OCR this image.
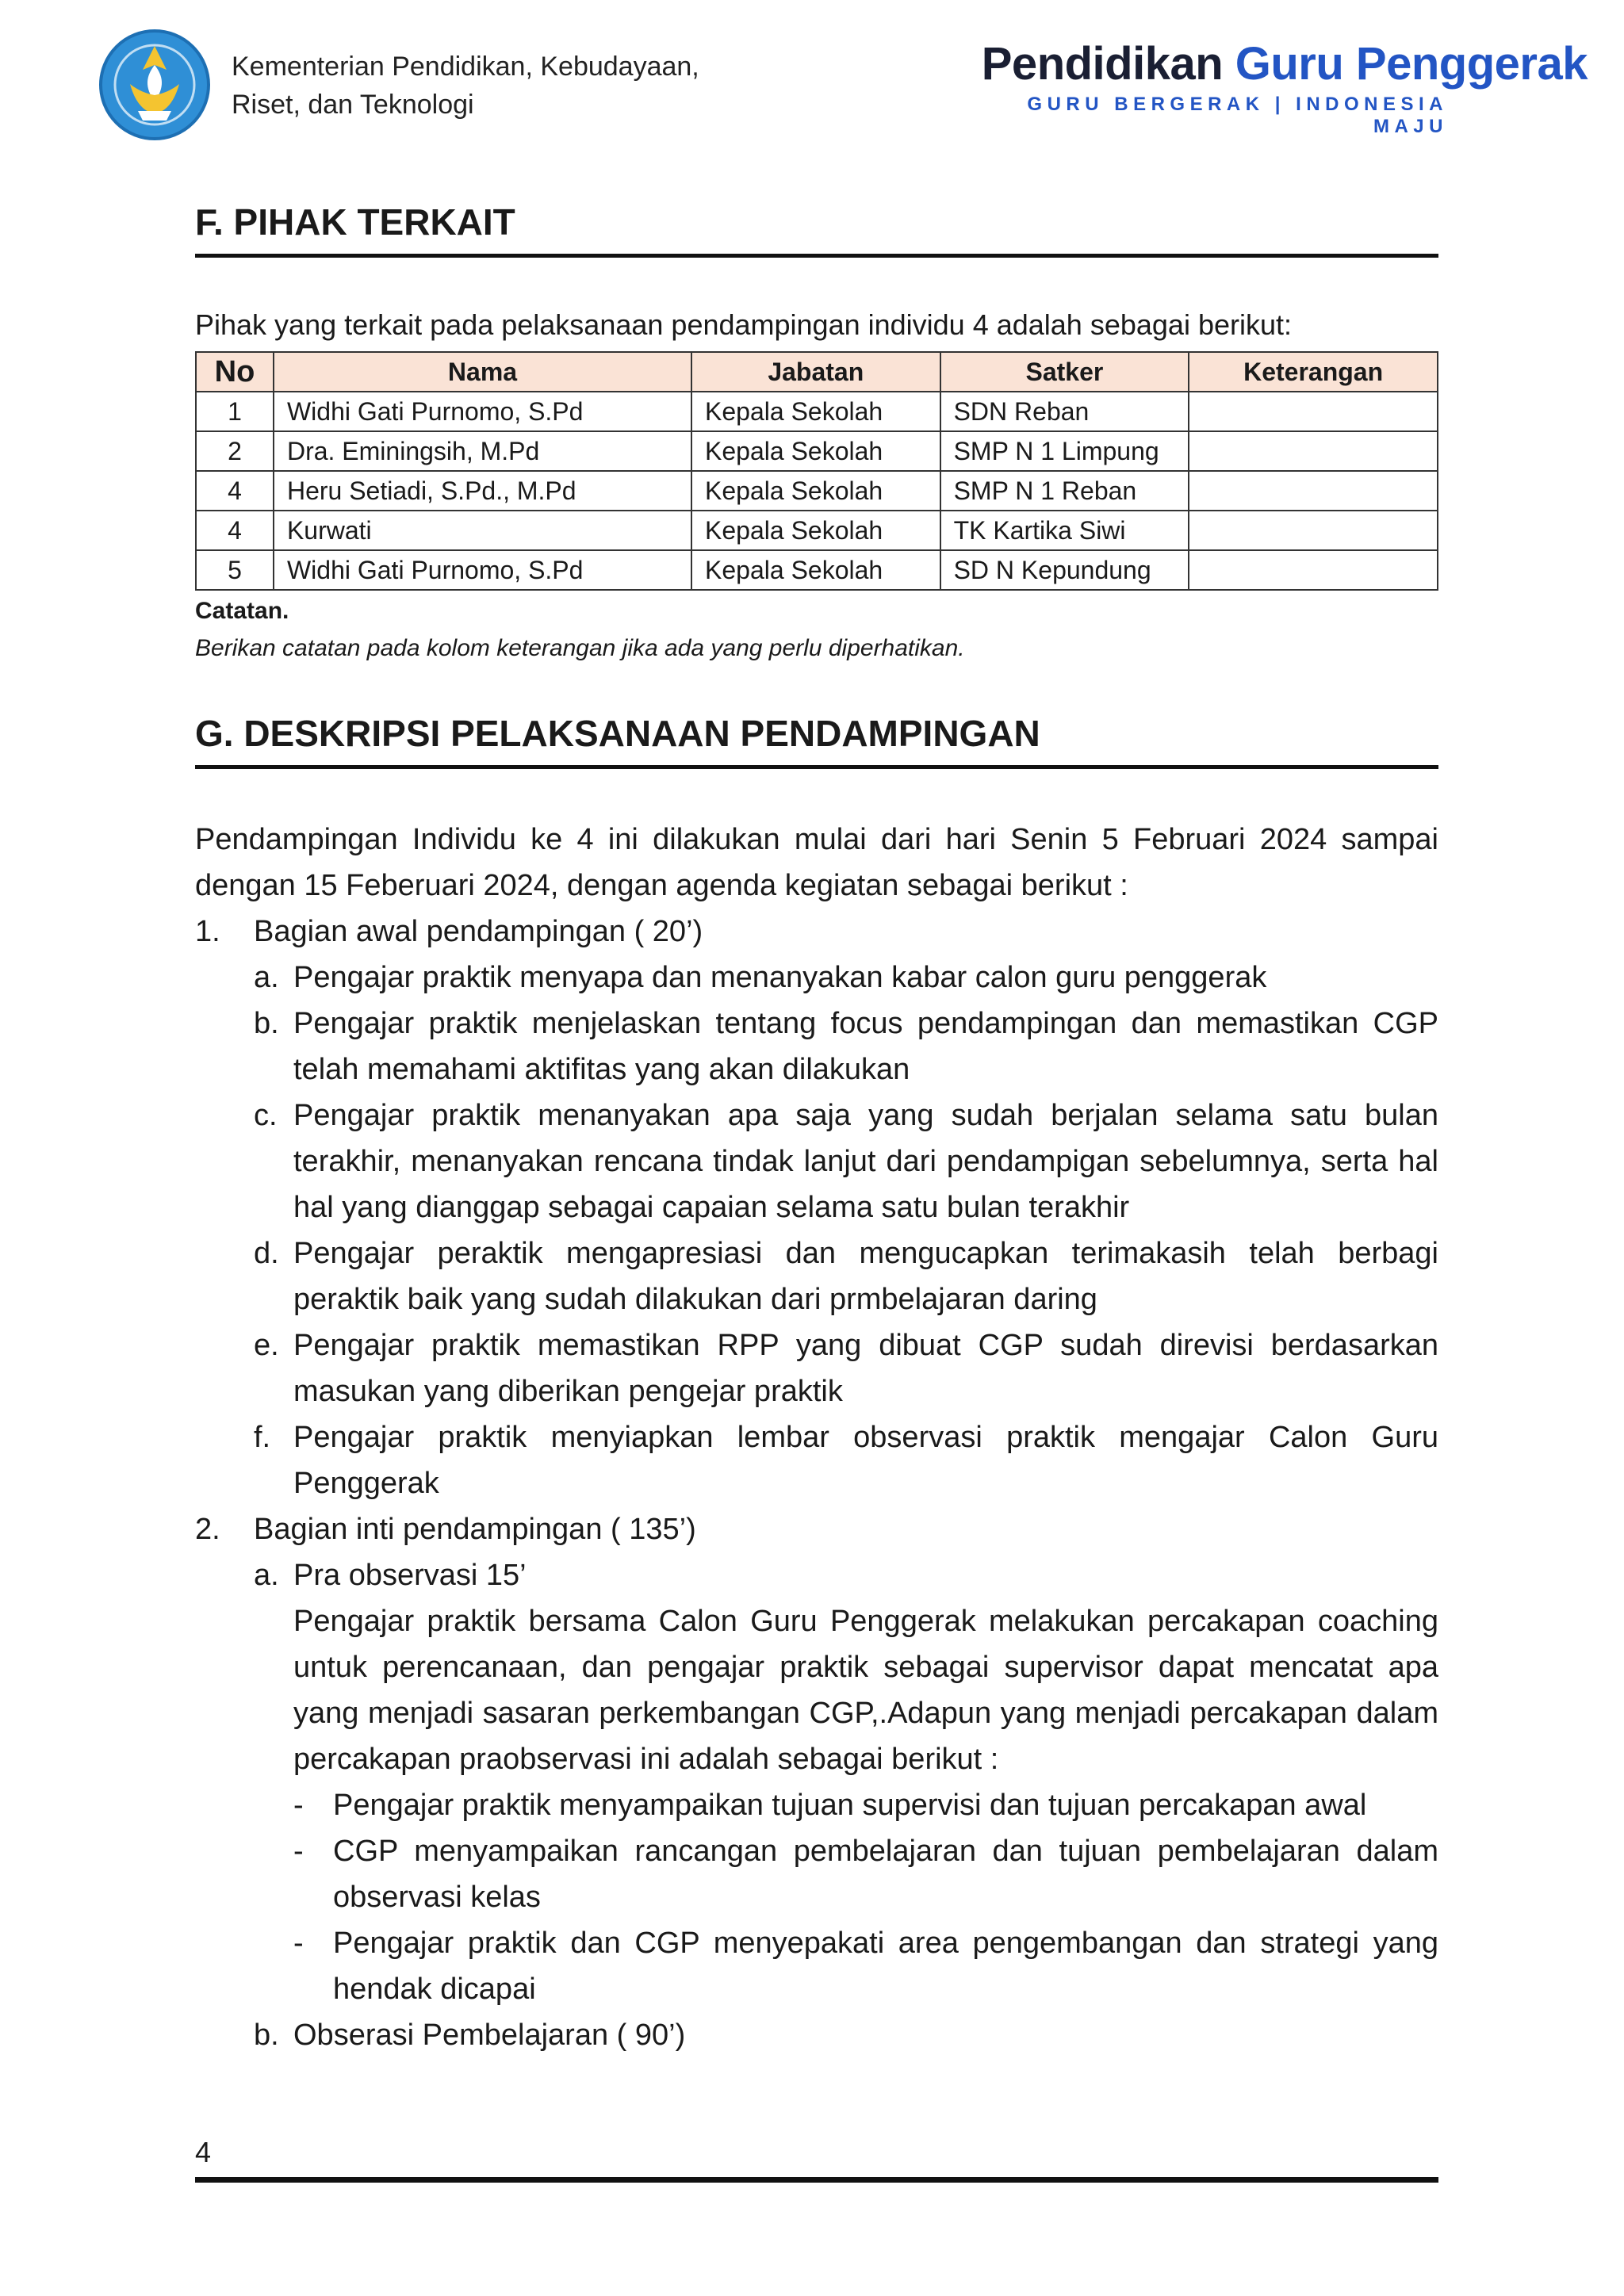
Kementerian Pendidikan, Kebudayaan,
Riset, dan Teknologi
Pendidikan Guru Penggerak
GURU BERGERAK | INDONESIA MAJU
F. PIHAK TERKAIT
Pihak yang terkait pada pelaksanaan pendampingan individu 4 adalah sebagai berikut:
No	Nama	Jabatan	Satker	Keterangan
1	Widhi Gati Purnomo, S.Pd	Kepala Sekolah	SDN Reban	
2	Dra. Eminingsih, M.Pd	Kepala Sekolah	SMP N 1 Limpung	
4	Heru Setiadi, S.Pd., M.Pd	Kepala Sekolah	SMP N 1 Reban	
4	Kurwati	Kepala Sekolah	TK Kartika Siwi	
5	Widhi Gati Purnomo, S.Pd	Kepala Sekolah	SD N Kepundung	
Catatan.
Berikan catatan pada kolom keterangan jika ada yang perlu diperhatikan.
G. DESKRIPSI PELAKSANAAN PENDAMPINGAN
Pendampingan Individu ke 4 ini dilakukan mulai dari hari Senin 5 Februari 2024 sampai dengan 15 Feberuari 2024, dengan agenda kegiatan sebagai berikut :
1.	Bagian awal pendampingan ( 20’)
a. Pengajar praktik menyapa dan menanyakan kabar calon guru penggerak
b. Pengajar praktik menjelaskan tentang focus pendampingan dan memastikan CGP telah memahami aktifitas yang akan dilakukan
c. Pengajar praktik menanyakan apa saja yang sudah berjalan selama satu bulan terakhir, menanyakan rencana tindak lanjut dari pendampigan sebelumnya, serta hal hal yang dianggap sebagai capaian selama satu bulan terakhir
d. Pengajar peraktik mengapresiasi dan mengucapkan terimakasih telah berbagi peraktik baik yang sudah dilakukan dari prmbelajaran daring
e. Pengajar praktik memastikan RPP yang dibuat CGP sudah direvisi berdasarkan masukan yang diberikan pengejar praktik
f. Pengajar praktik menyiapkan lembar observasi praktik mengajar Calon Guru Penggerak
2.	Bagian inti pendampingan ( 135’)
a. Pra observasi 15’
Pengajar praktik bersama Calon Guru Penggerak melakukan percakapan coaching untuk perencanaan, dan pengajar praktik sebagai supervisor dapat mencatat apa yang menjadi sasaran perkembangan CGP,.Adapun yang menjadi percakapan dalam percakapan praobservasi ini adalah sebagai berikut :
- Pengajar praktik menyampaikan tujuan supervisi dan tujuan percakapan awal
- CGP menyampaikan rancangan pembelajaran dan tujuan pembelajaran dalam observasi kelas
- Pengajar praktik dan CGP menyepakati area pengembangan dan strategi yang hendak dicapai
b. Obserasi Pembelajaran ( 90’)
4
